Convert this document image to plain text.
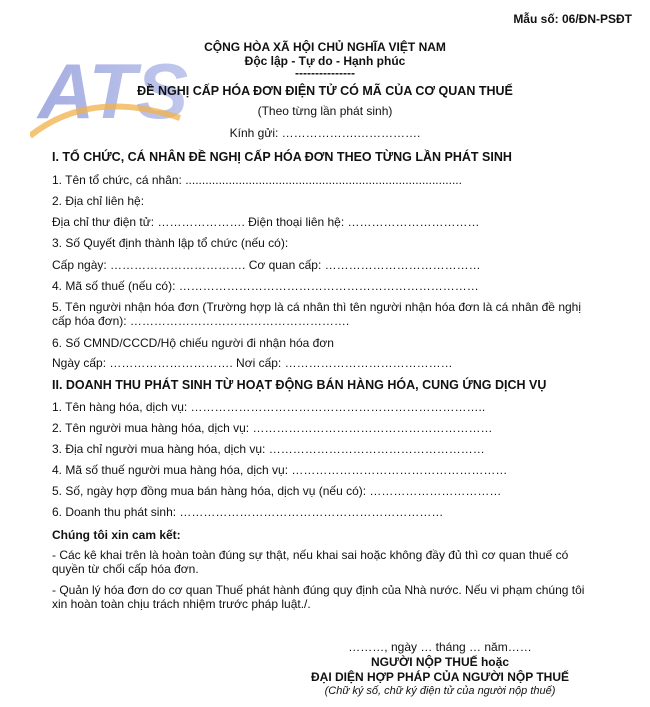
ATS
Mẫu số: 06/ĐN-PSĐT
CỘNG HÒA XÃ HỘI CHỦ NGHĨA VIỆT NAM
Độc lập - Tự do - Hạnh phúc
---------------
ĐỀ NGHỊ CẤP HÓA ĐƠN ĐIỆN TỬ CÓ MÃ CỦA CƠ QUAN THUẾ
(Theo từng lần phát sinh)
Kính gửi: ……………….…………….
I. TỔ CHỨC, CÁ NHÂN ĐỀ NGHỊ CẤP HÓA ĐƠN THEO TỪNG LẦN PHÁT SINH
1. Tên tổ chức, cá nhân: ...................................................................................
2. Địa chỉ liên hệ:
Địa chỉ thư điện tử: …………………. Điện thoại liên hệ: ……………………………
3. Số Quyết định thành lập tổ chức (nếu có):
Cấp ngày: ……………………………. Cơ quan cấp: …………………………………
4. Mã số thuế (nếu có): …………………………………………………………………
5. Tên người nhận hóa đơn (Trường hợp là cá nhân thì tên người nhận hóa đơn là cá nhân đề nghị cấp hóa đơn): ……………………………………………….
6. Số CMND/CCCD/Hộ chiếu người đi nhận hóa đơn
Ngày cấp: …………………………. Nơi cấp: ……………………………………
II. DOANH THU PHÁT SINH TỪ HOẠT ĐỘNG BÁN HÀNG HÓA, CUNG ỨNG DỊCH VỤ
1. Tên hàng hóa, dịch vụ: ………………………………………………………………..
2. Tên người mua hàng hóa, dịch vụ: ……………………………………………………
3. Địa chỉ người mua hàng hóa, dịch vụ: ………………………………………………
4. Mã số thuế người mua hàng hóa, dịch vụ: ………………………………………………
5. Số, ngày hợp đồng mua bán hàng hóa, dịch vụ (nếu có): ……………………………
6. Doanh thu phát sinh: …………………………………………………………
Chúng tôi xin cam kết:
- Các kê khai trên là hoàn toàn đúng sự thật, nếu khai sai hoặc không đầy đủ thì cơ quan thuế có quyền từ chối cấp hóa đơn.
- Quản lý hóa đơn do cơ quan Thuế phát hành đúng quy định của Nhà nước. Nếu vi phạm chúng tôi xin hoàn toàn chịu trách nhiệm trước pháp luật./.
………, ngày … tháng … năm……
NGƯỜI NỘP THUẾ hoặc
ĐẠI DIỆN HỢP PHÁP CỦA NGƯỜI NỘP THUẾ
(Chữ ký số, chữ ký điện tử của người nộp thuế)
